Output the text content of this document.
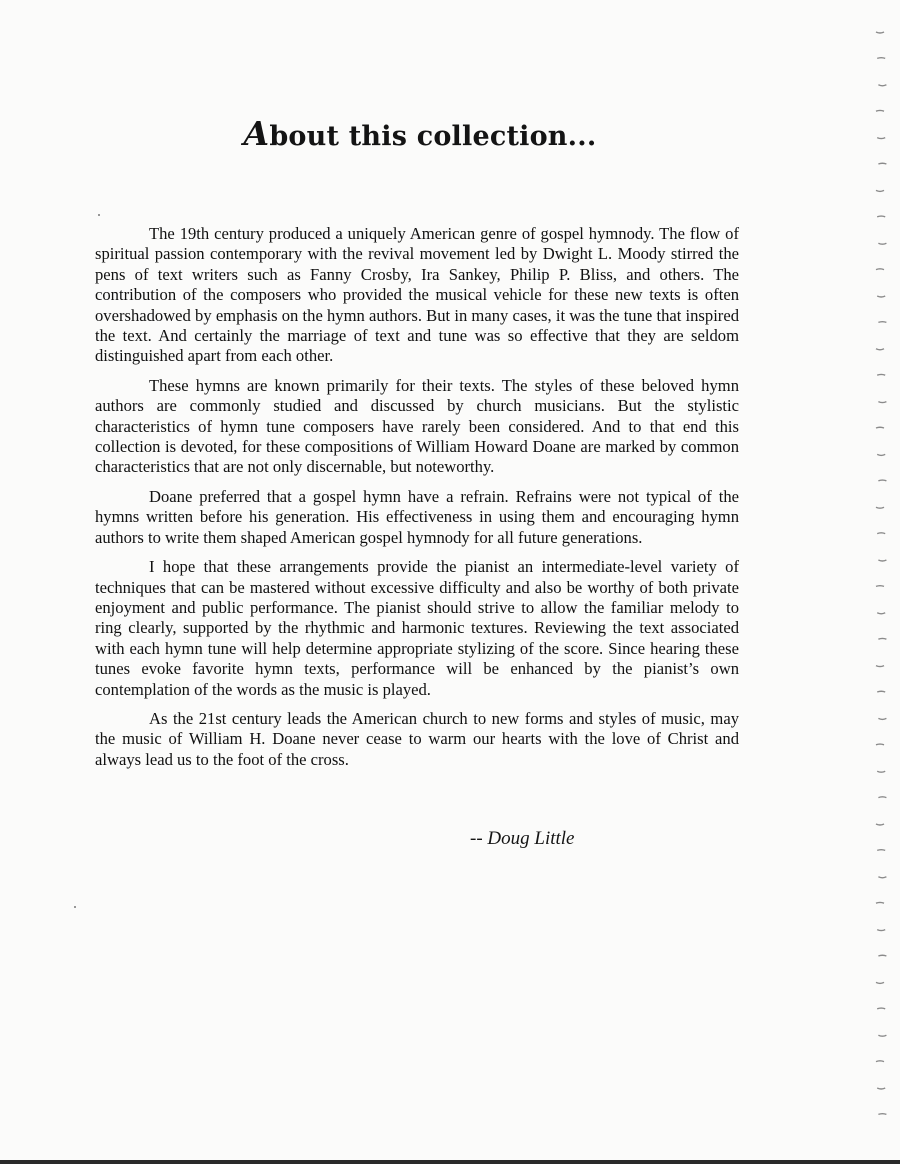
About this collection...

The 19th century produced a uniquely American genre of gospel hymnody. The flow of spiritual passion contemporary with the revival movement led by Dwight L. Moody stirred the pens of text writers such as Fanny Crosby, Ira Sankey, Philip P. Bliss, and others. The contribution of the composers who provided the musical vehicle for these new texts is often overshadowed by emphasis on the hymn authors. But in many cases, it was the tune that inspired the text. And certainly the marriage of text and tune was so effective that they are seldom distinguished apart from each other.

These hymns are known primarily for their texts. The styles of these beloved hymn authors are commonly studied and discussed by church musicians. But the stylistic characteristics of hymn tune composers have rarely been considered. And to that end this collection is devoted, for these compositions of William Howard Doane are marked by common characteristics that are not only discernable, but noteworthy.

Doane preferred that a gospel hymn have a refrain. Refrains were not typical of the hymns written before his generation. His effectiveness in using them and encouraging hymn authors to write them shaped American gospel hymnody for all future generations.

I hope that these arrangements provide the pianist an intermediate-level variety of techniques that can be mastered without excessive difficulty and also be worthy of both private enjoyment and public performance. The pianist should strive to allow the familiar melody to ring clearly, supported by the rhythmic and harmonic textures. Reviewing the text associated with each hymn tune will help determine appropriate stylizing of the score. Since hearing these tunes evoke favorite hymn texts, performance will be enhanced by the pianist’s own contemplation of the words as the music is played.

As the 21st century leads the American church to new forms and styles of music, may the music of William H. Doane never cease to warm our hearts with the love of Christ and always lead us to the foot of the cross.

-- Doug Little
